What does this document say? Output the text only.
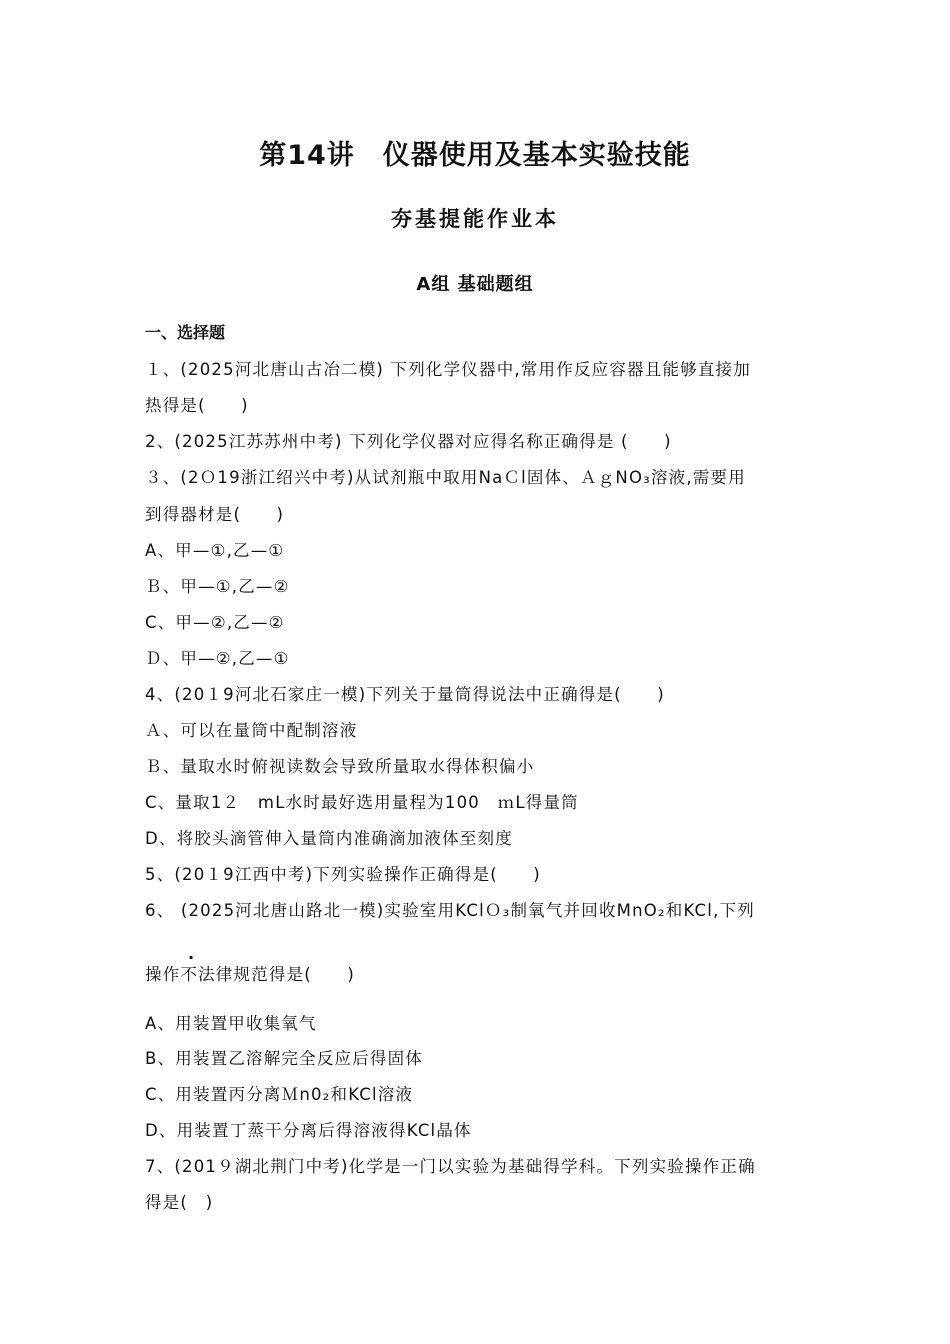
第14讲　仪器使用及基本实验技能
夯基提能作业本
A组 基础题组

一、选择题

１、(2025河北唐山古冶二模) 下列化学仪器中,常用作反应容器且能够直接加

热得是(　　)

2、(2025江苏苏州中考) 下列化学仪器对应得名称正确得是 (　　)

３、(2Ｏ19浙江绍兴中考)从试剂瓶中取用NaＣl固体、ＡｇNO₃溶液,需要用

到得器材是(　　)

A、甲—①,乙—①

Ｂ、甲—①,乙—②

C、甲—②,乙—②

Ｄ、甲—②,乙—①

4、(20１9河北石家庄一模)下列关于量筒得说法中正确得是(　　)

Ａ、可以在量筒中配制溶液

Ｂ、量取水时俯视读数会导致所量取水得体积偏小

C、量取1２　mL水时最好选用量程为100　ｍL得量筒

D、将胶头滴管伸入量筒内准确滴加液体至刻度

5、(20１9江西中考)下列实验操作正确得是(　　)

6、 (2025河北唐山路北一模)实验室用KClＯ₃制氧气并回收MnO₂和KCl,下列

.

操作不法律规范得是(　　)

A、用装置甲收集氧气

B、用装置乙溶解完全反应后得固体

C、用装置丙分离Ｍn0₂和KCl溶液

D、用装置丁蒸干分离后得溶液得KCl晶体

7、(201９湖北荆门中考)化学是一门以实验为基础得学科。下列实验操作正确

得是(　)
